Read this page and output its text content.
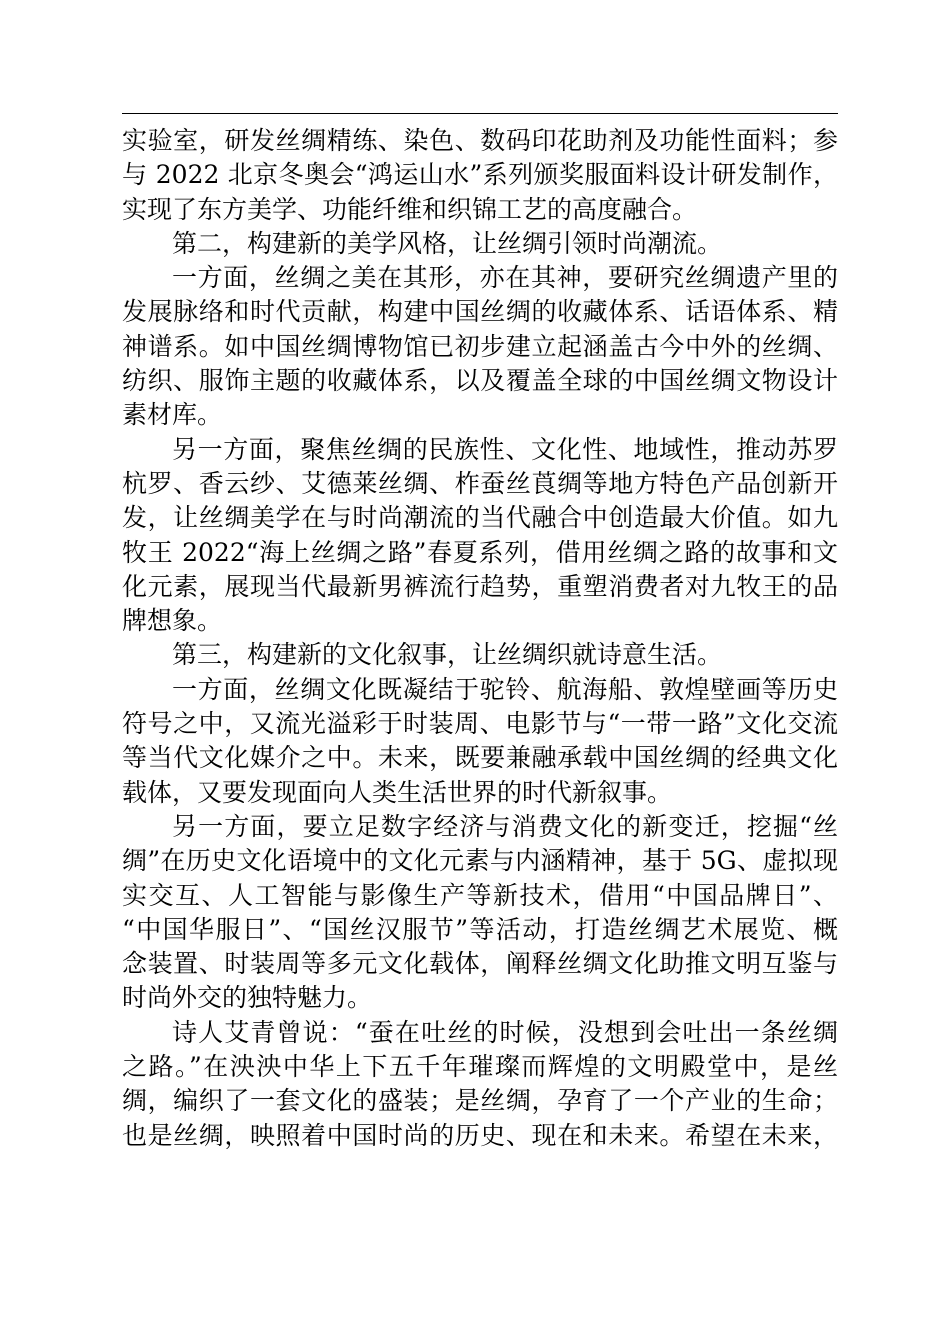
实验室，研发丝绸精练、染色、数码印花助剂及功能性面料；参
与 2022 北京冬奥会“鸿运山水”系列颁奖服面料设计研发制作，
实现了东方美学、功能纤维和织锦工艺的高度融合。

第二，构建新的美学风格，让丝绸引领时尚潮流。

一方面，丝绸之美在其形，亦在其神，要研究丝绸遗产里的
发展脉络和时代贡献，构建中国丝绸的收藏体系、话语体系、精
神谱系。如中国丝绸博物馆已初步建立起涵盖古今中外的丝绸、
纺织、服饰主题的收藏体系，以及覆盖全球的中国丝绸文物设计
素材库。

另一方面，聚焦丝绸的民族性、文化性、地域性，推动苏罗
杭罗、香云纱、艾德莱丝绸、柞蚕丝莨绸等地方特色产品创新开
发，让丝绸美学在与时尚潮流的当代融合中创造最大价值。如九
牧王 2022“海上丝绸之路”春夏系列，借用丝绸之路的故事和文
化元素，展现当代最新男裤流行趋势，重塑消费者对九牧王的品
牌想象。

第三，构建新的文化叙事，让丝绸织就诗意生活。

一方面，丝绸文化既凝结于驼铃、航海船、敦煌壁画等历史
符号之中，又流光溢彩于时装周、电影节与“一带一路”文化交流
等当代文化媒介之中。未来，既要兼融承载中国丝绸的经典文化
载体，又要发现面向人类生活世界的时代新叙事。

另一方面，要立足数字经济与消费文化的新变迁，挖掘“丝
绸”在历史文化语境中的文化元素与内涵精神，基于 5G、虚拟现
实交互、人工智能与影像生产等新技术，借用“中国品牌日”、
“中国华服日”、“国丝汉服节”等活动，打造丝绸艺术展览、概
念装置、时装周等多元文化载体，阐释丝绸文化助推文明互鉴与
时尚外交的独特魅力。

诗人艾青曾说：“蚕在吐丝的时候，没想到会吐出一条丝绸
之路。”在泱泱中华上下五千年璀璨而辉煌的文明殿堂中，是丝
绸，编织了一套文化的盛装；是丝绸，孕育了一个产业的生命；
也是丝绸，映照着中国时尚的历史、现在和未来。希望在未来，
